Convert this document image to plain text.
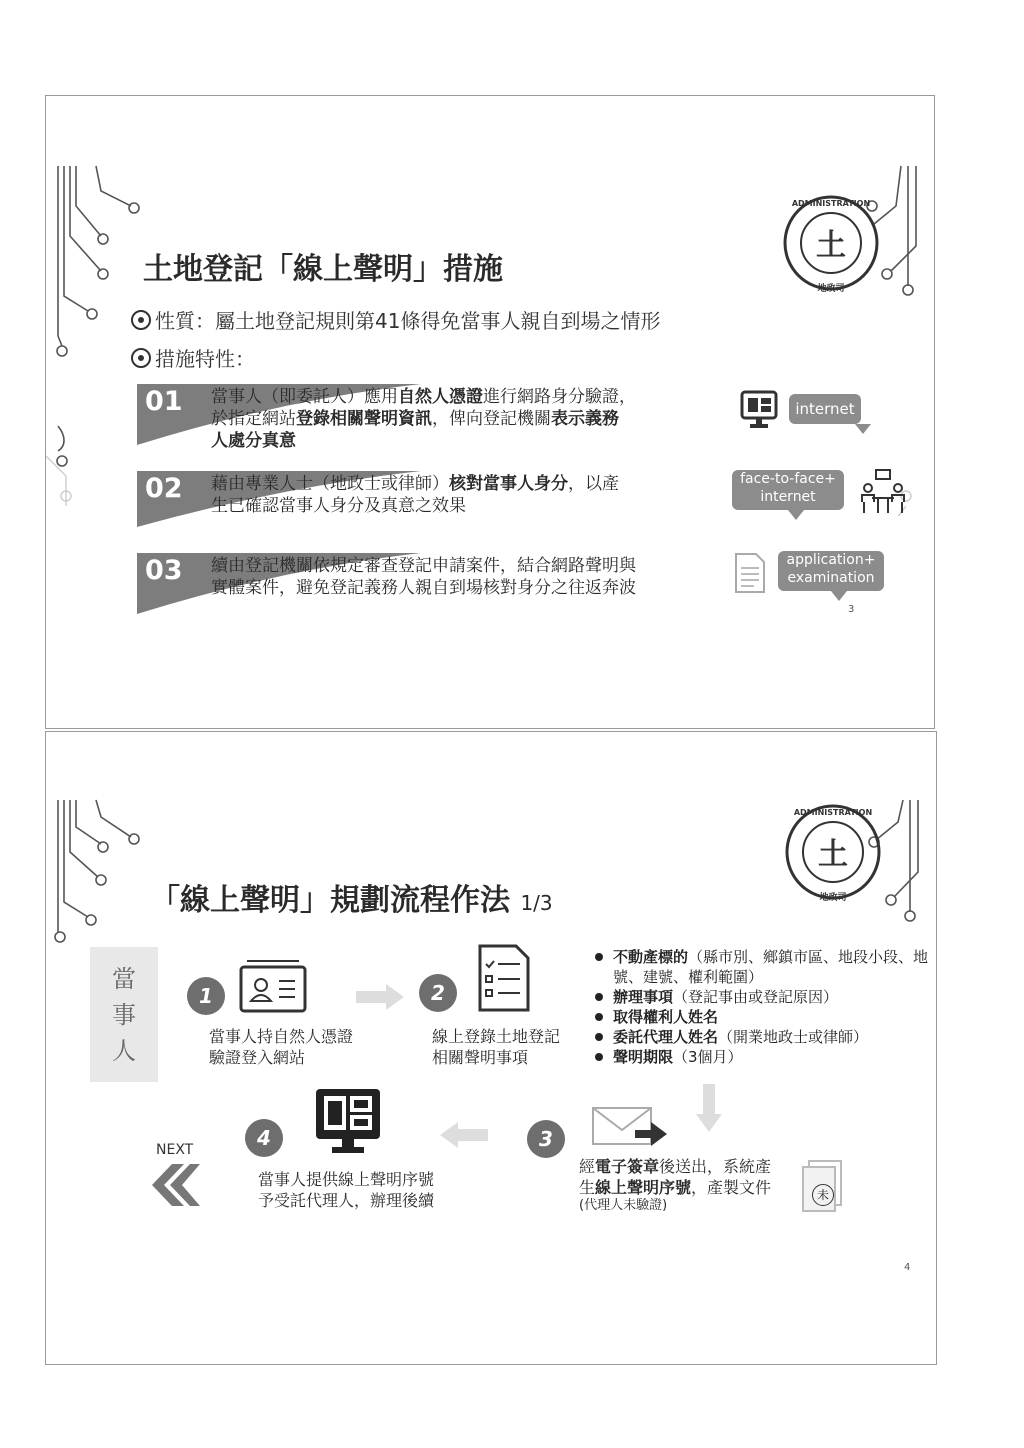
土
ADMINISTRATION
地政司
土地登記「線上聲明」措施
性質：屬土地登記規則第41條得免當事人親自到場之情形
措施特性：
01 當事人（即委託人）應用自然人憑證進行網路身分驗證，
於指定網站登錄相關聲明資訊，俾向登記機關表示義務
人處分真意
internet
02 藉由專業人士（地政士或律師）核對當事人身分，以產
生已確認當事人身分及真意之效果
face-to-face+
internet
03 續由登記機關依規定審查登記申請案件，結合網路聲明與
實體案件，避免登記義務人親自到場核對身分之往返奔波
application+
examination
3
土
ADMINISTRATION
地政司
「線上聲明」規劃流程作法 1/3
當
事
人
1
當事人持自然人憑證
驗證登入網站
2
線上登錄土地登記
相關聲明事項
不動產標的（縣市別、鄉鎮市區、地段小段、地號、建號、權利範圍）
辦理事項（登記事由或登記原因）
取得權利人姓名
委託代理人姓名（開業地政士或律師）
聲明期限（3個月）
3
經電子簽章後送出，系統產
生線上聲明序號，產製文件
(代理人未驗證)
未
4
當事人提供線上聲明序號
予受託代理人，辦理後續
NEXT
4
